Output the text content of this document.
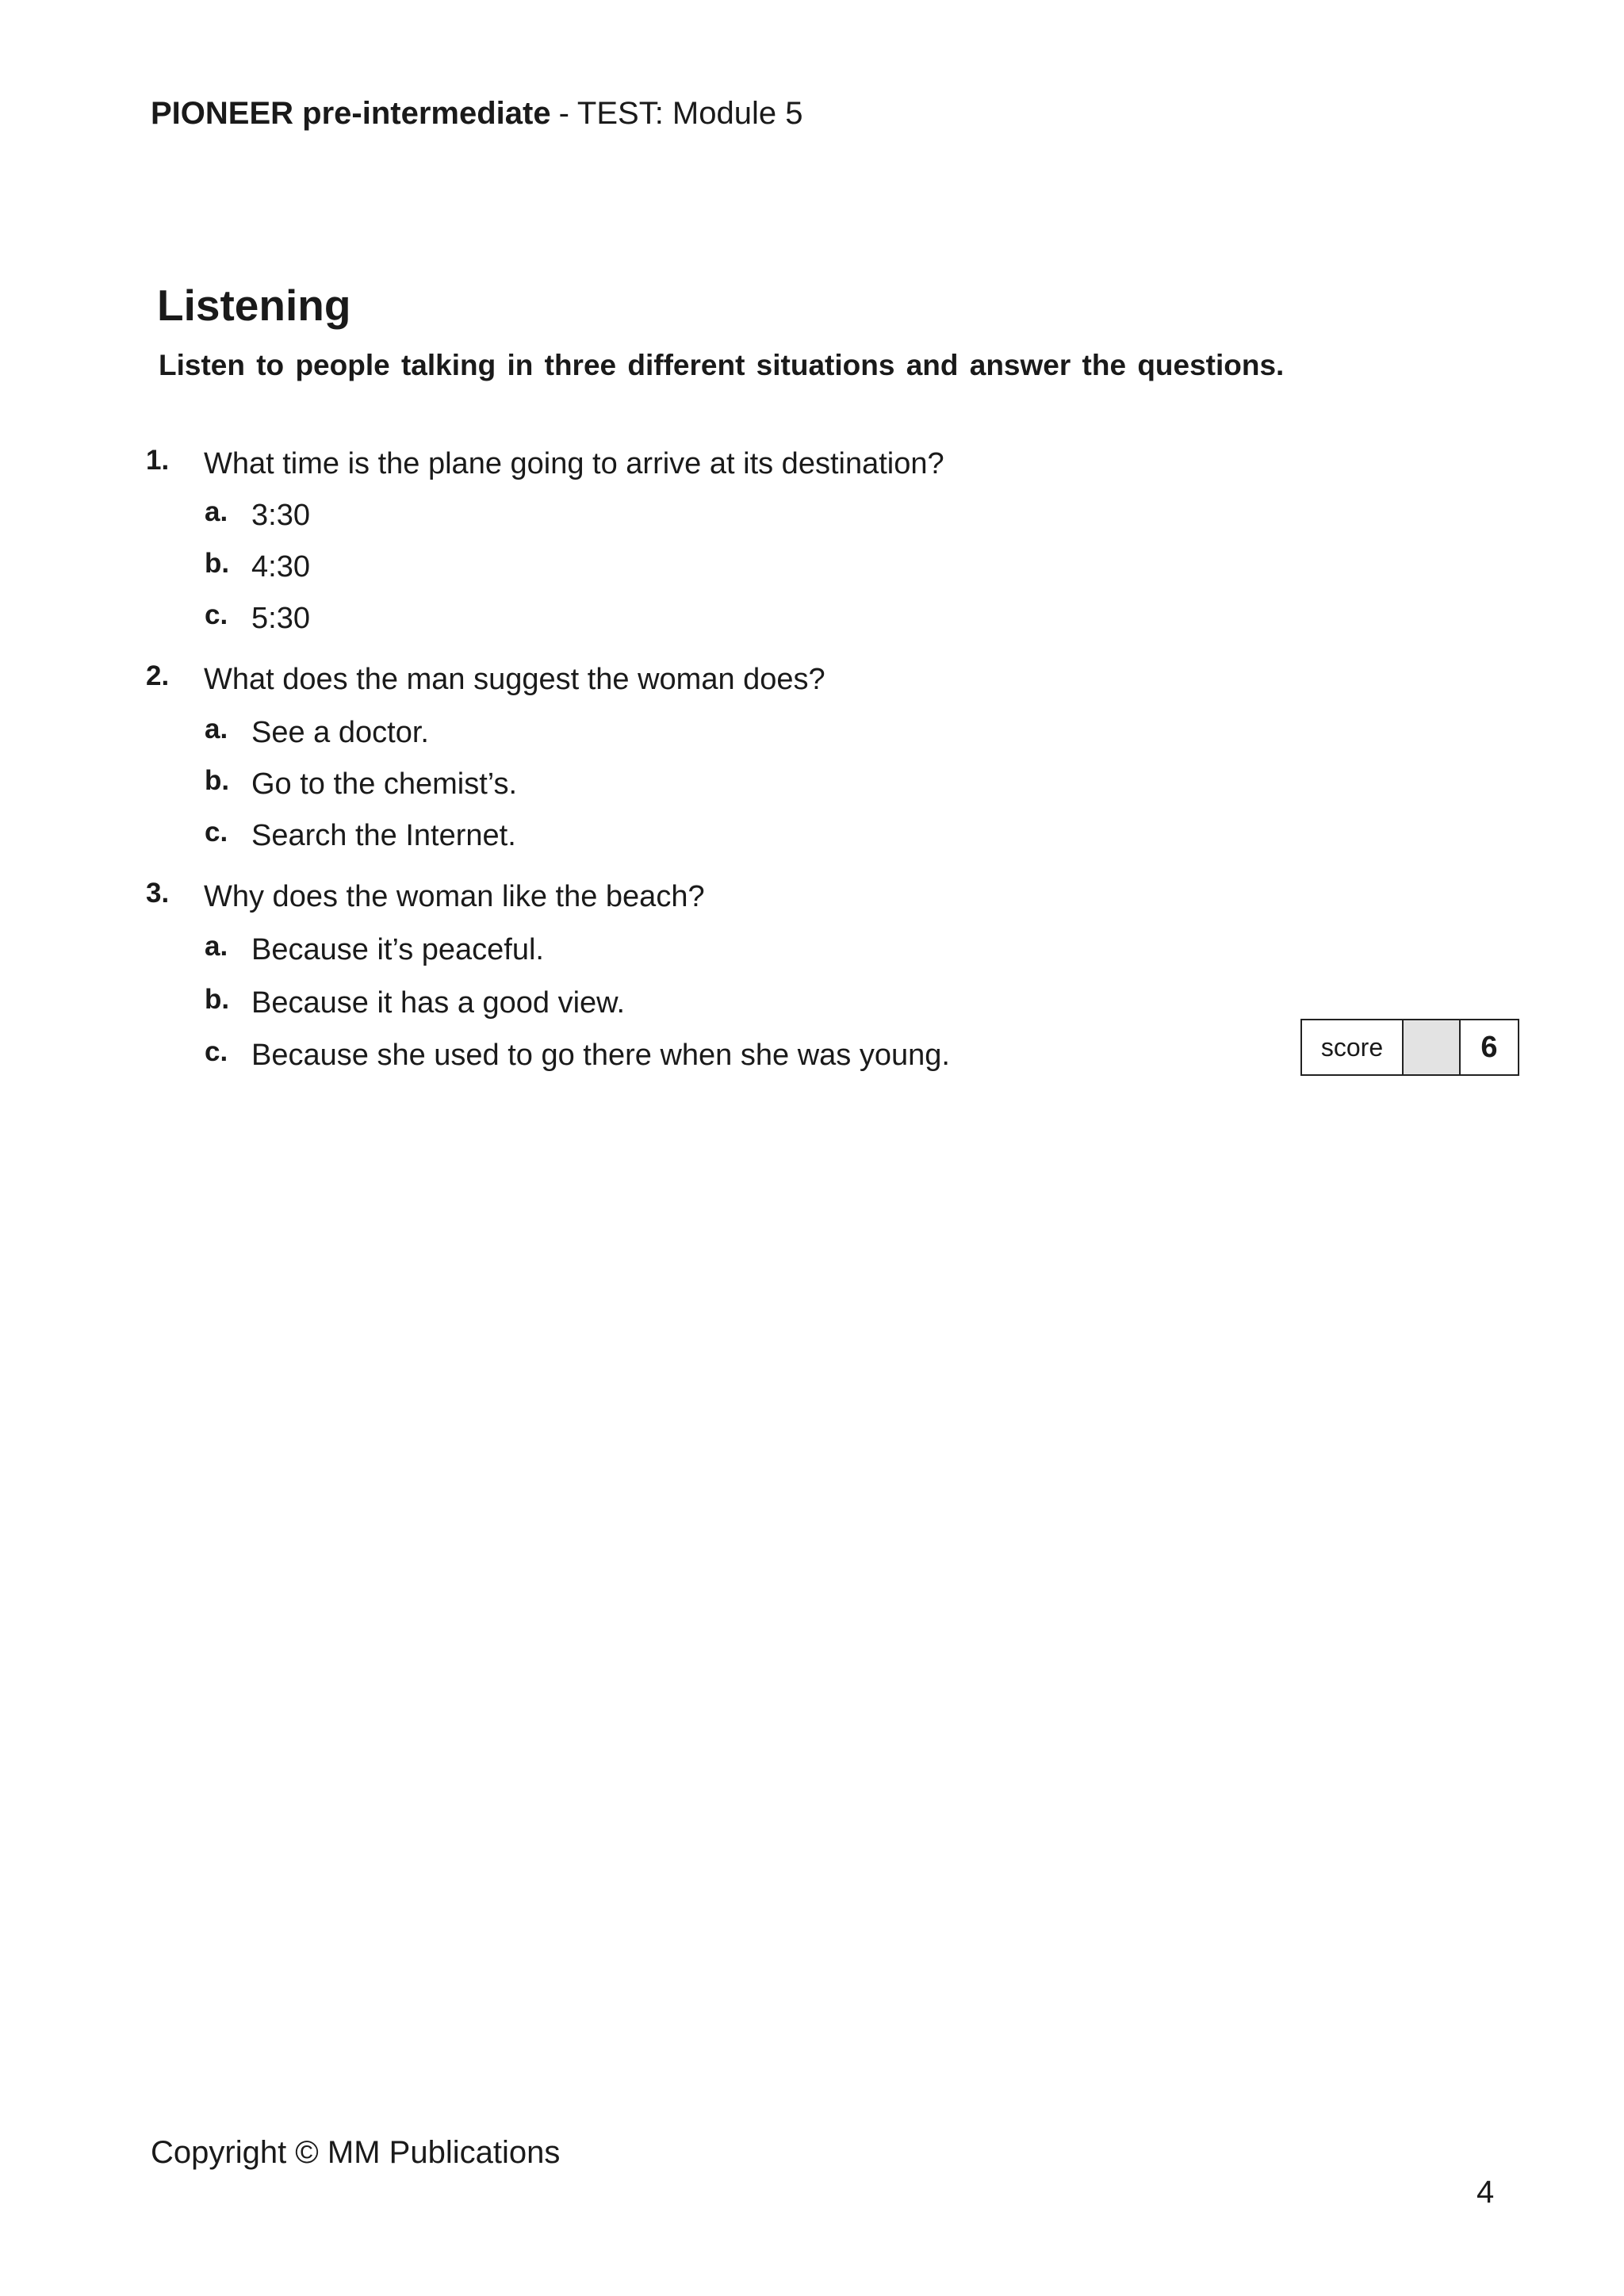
PIONEER pre-intermediate - TEST: Module 5
Listening
Listen to people talking in three different situations and answer the questions.
1. What time is the plane going to arrive at its destination?
a. 3:30
b. 4:30
c. 5:30
2. What does the man suggest the woman does?
a. See a doctor.
b. Go to the chemist’s.
c. Search the Internet.
3. Why does the woman like the beach?
a. Because it’s peaceful.
b. Because it has a good view.
c. Because she used to go there when she was young.	score	6
Copyright © MM Publications
4
